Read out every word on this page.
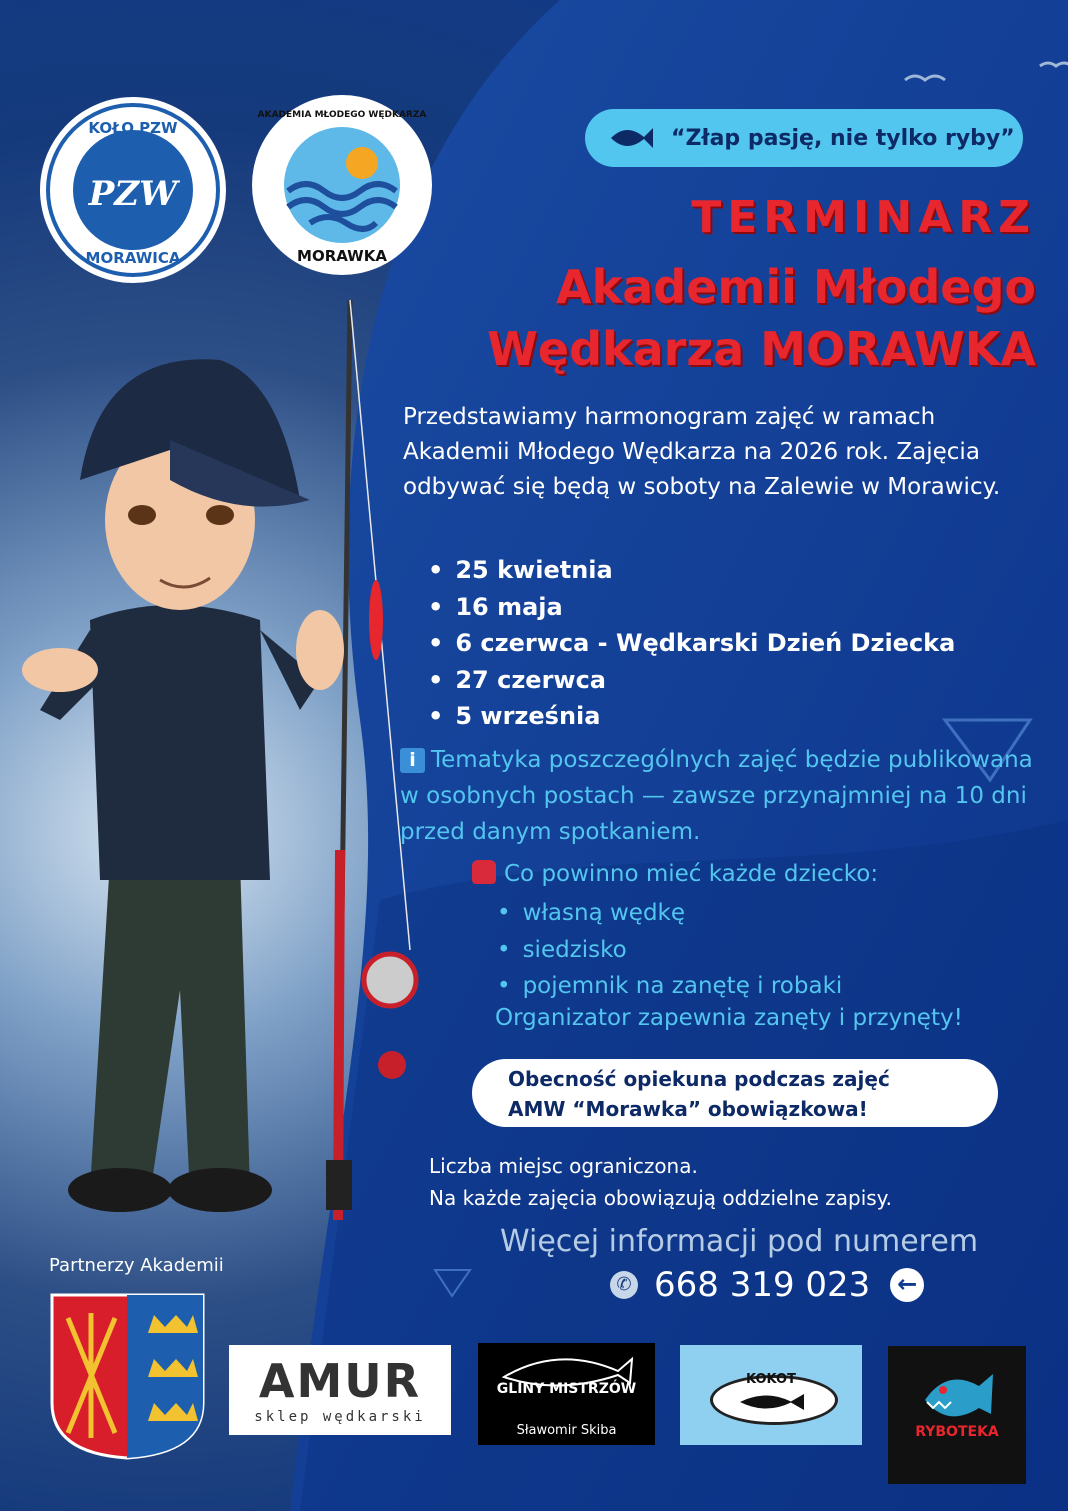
PZW
KOŁO PZW
MORAWICA
AKADEMIA MŁODEGO WĘDKARZA
MORAWKA
“Złap pasję, nie tylko ryby”
TERMINARZ
Akademii Młodego
Wędkarza MORAWKA
Przedstawiamy harmonogram zajęć w ramach Akademii Młodego Wędkarza na 2026 rok. Zajęcia odbywać się będą w soboty na Zalewie w Morawicy.
• 25 kwietnia
• 16 maja
• 6 czerwca - Wędkarski Dzień Dziecka
• 27 czerwca
• 5 września
i Tematyka poszczególnych zajęć będzie publikowana w osobnych postach — zawsze przynajmniej na 10 dni przed danym spotkaniem.
Co powinno mieć każde dziecko:
• własną wędkę
• siedzisko
• pojemnik na zanętę i robaki
Organizator zapewnia zanęty i przynęty!
Obecność opiekuna podczas zajęć
AMW “Morawka” obowiązkowa!
Liczba miejsc ograniczona.
Na każde zajęcia obowiązują oddzielne zapisy.
Więcej informacji pod numerem
✆ 668 319 023 ←
Partnerzy Akademii
AMUR
sklep wędkarski
GLINY MISTRZÓW
Sławomir Skiba
KOKOT
RYBOTEKA
